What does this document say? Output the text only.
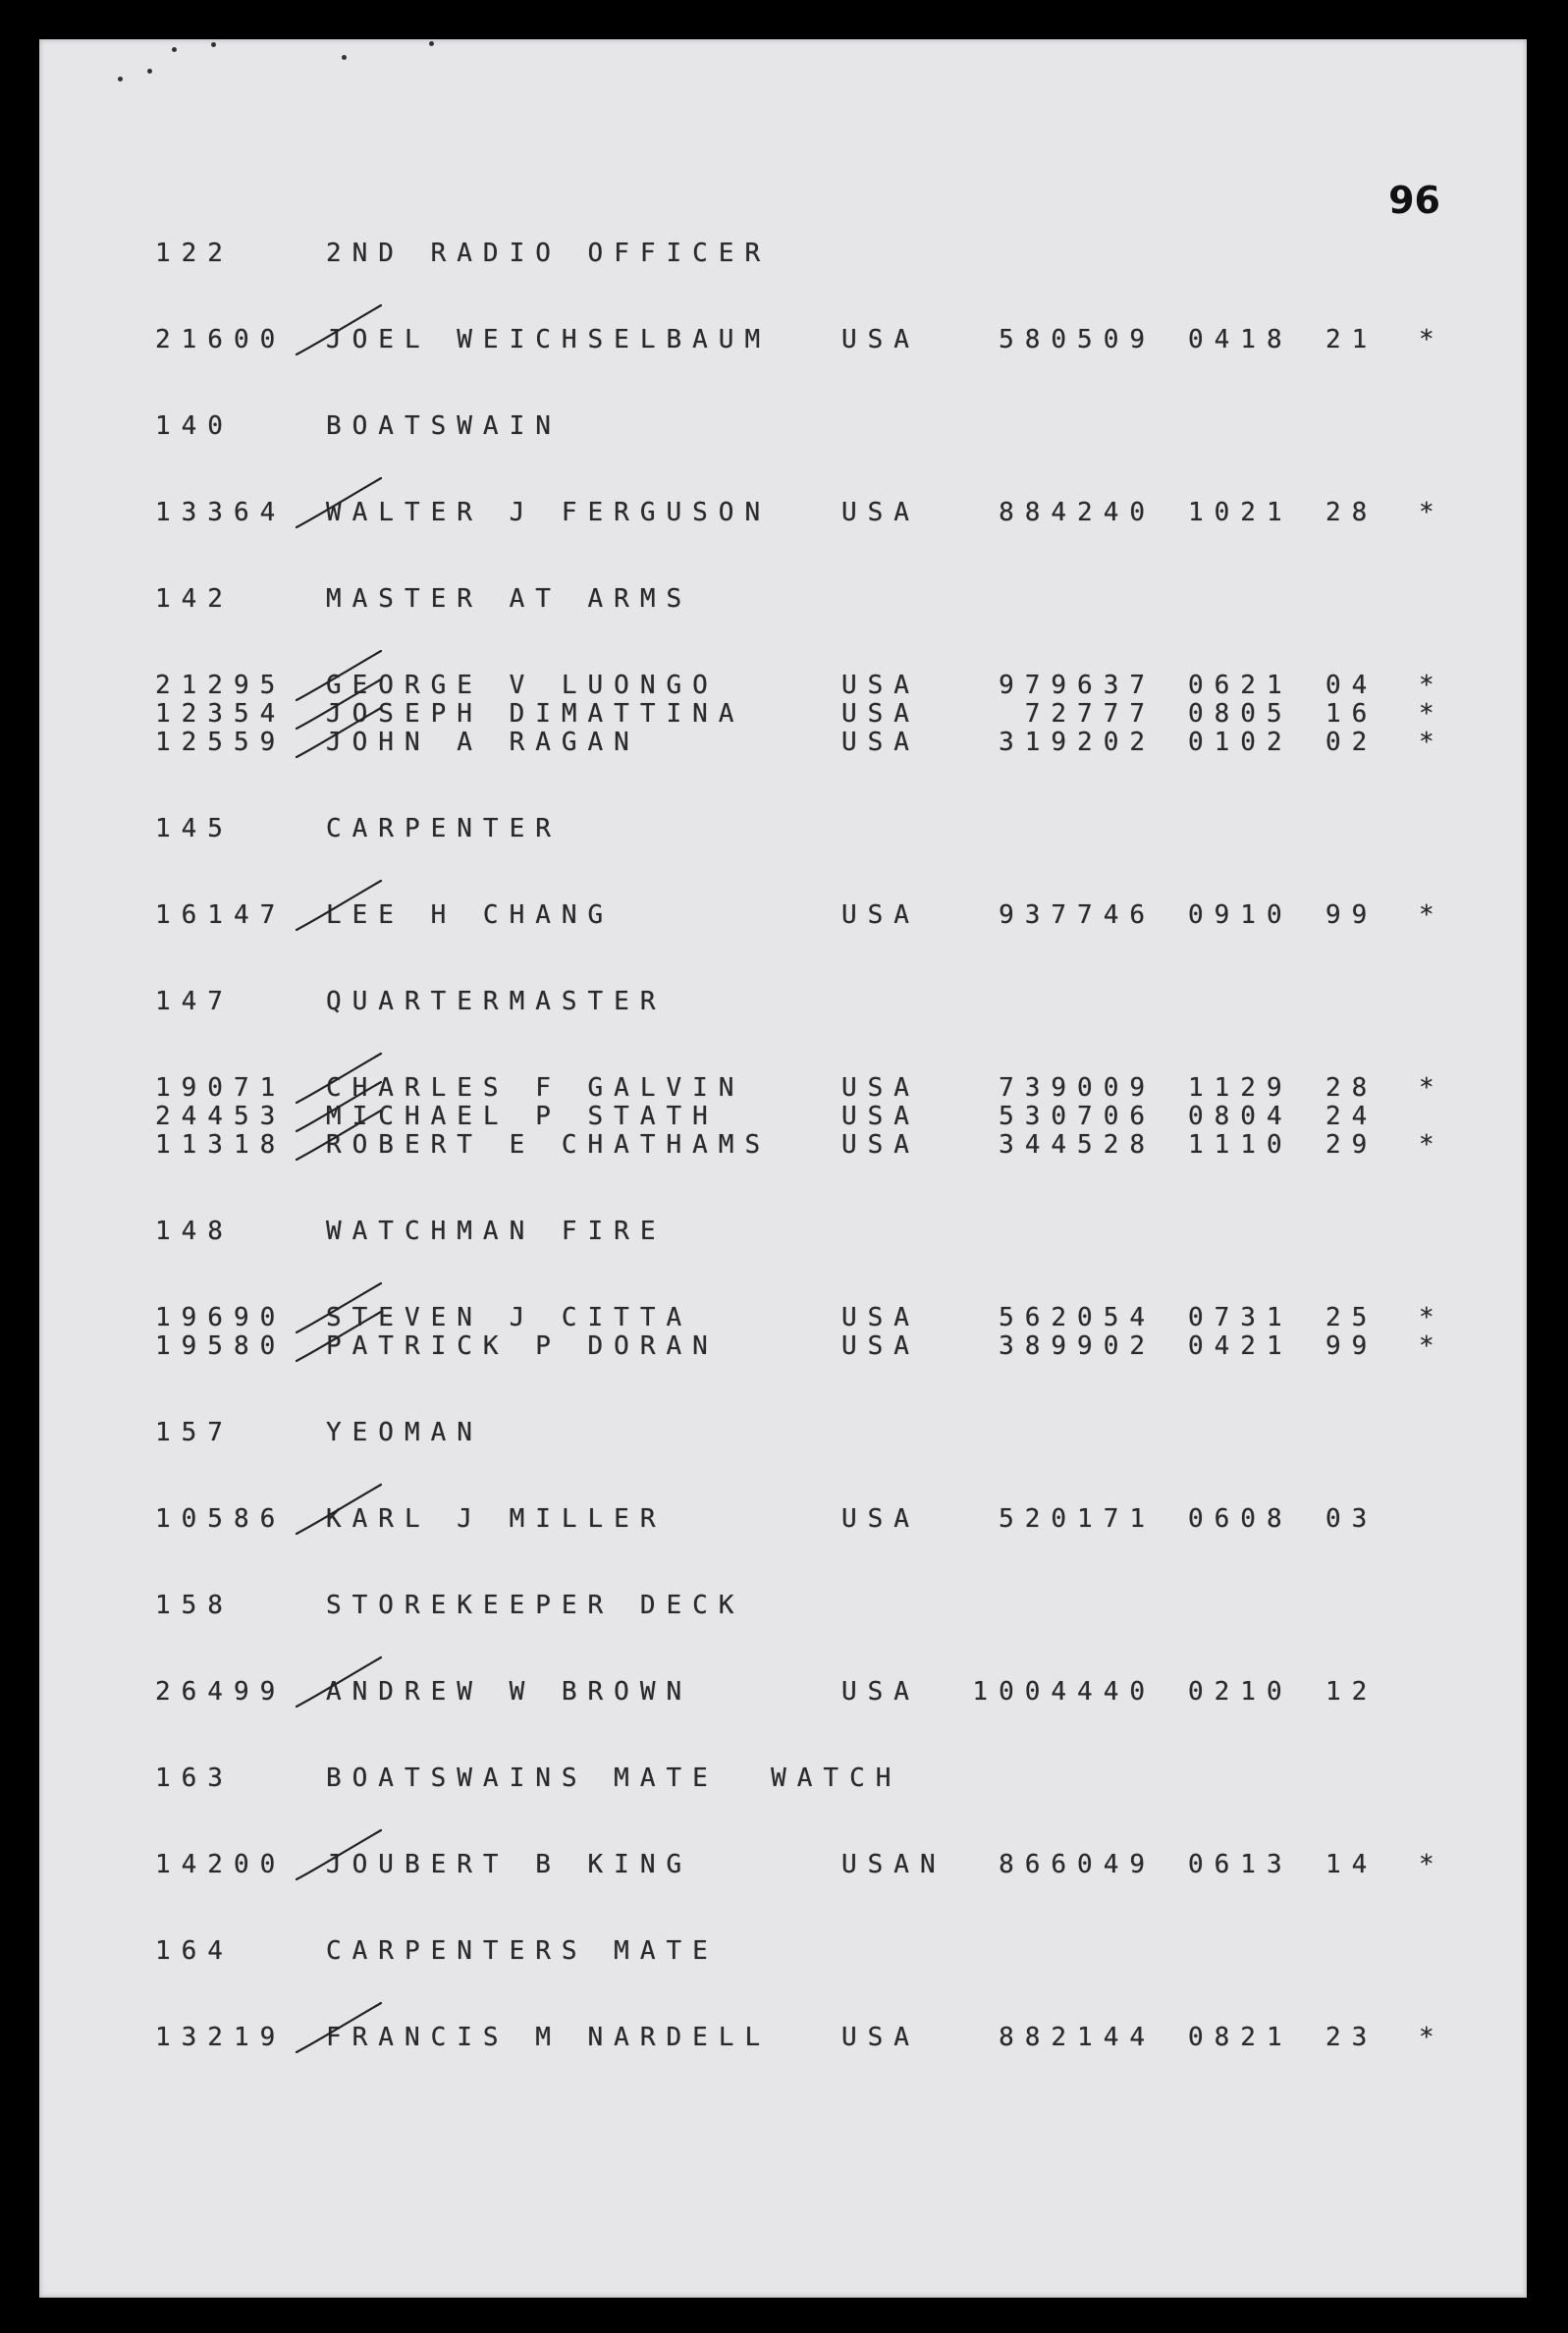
96
122	2ND RADIO OFFICER
21600 JOEL WEICHSELBAUM	USA	580509 0418 21 *
140	BOATSWAIN
13364 WALTER J FERGUSON	USA	884240 1021 28 *
142	MASTER AT ARMS
21295 GEORGE V LUONGO	USA	979637 0621 04 *
12354 JOSEPH DIMATTINA	USA	72777 0805 16 *
12559 JOHN A RAGAN	USA	319202 0102 02 *
145	CARPENTER
16147 LEE H CHANG	USA	937746 0910 99 *
147	QUARTERMASTER
19071 CHARLES F GALVIN	USA	739009 1129 28 *
24453 MICHAEL P STATH	USA	530706 0804 24
11318 ROBERT E CHATHAMS	USA	344528 1110 29 *
148	WATCHMAN FIRE
19690 STEVEN J CITTA	USA	562054 0731 25 *
19580 PATRICK P DORAN	USA	389902 0421 99 *
157	YEOMAN
10586 KARL J MILLER	USA	520171 0608 03
158	STOREKEEPER DECK
26499 ANDREW W BROWN	USA 1004440 0210 12
163	BOATSWAINS MATE  WATCH
14200 JOUBERT B KING	USAN 866049 0613 14 *
164	CARPENTERS MATE
13219 FRANCIS M NARDELL	USA	882144 0821 23 *
